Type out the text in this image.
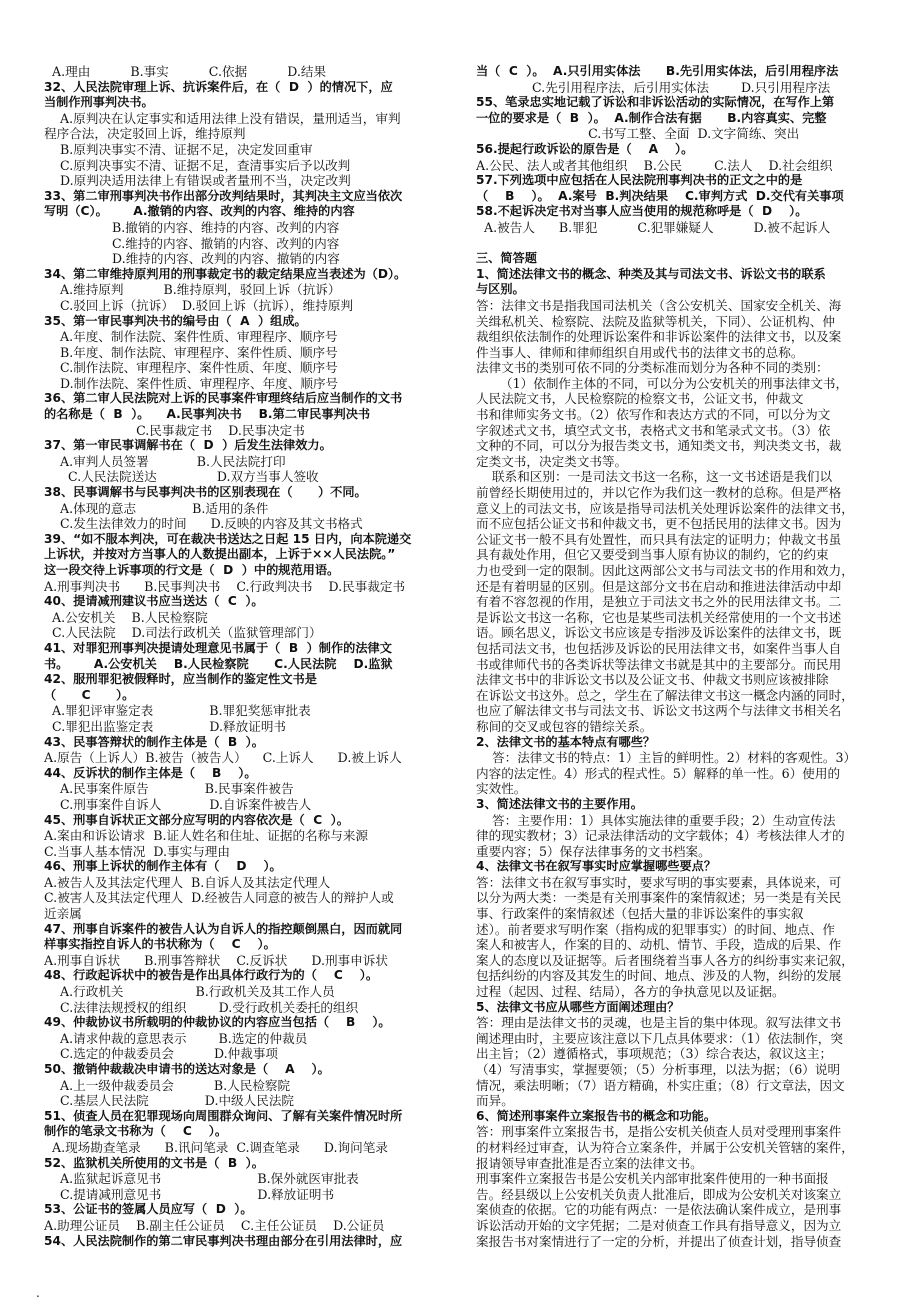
A.理由          B.事实          C.依据          D.结果
32、人民法院审理上诉、抗诉案件后，在（  D  ）的情况下，应
当制作刑事判决书。
A.原判决在认定事实和适用法律上没有错误，量刑适当，审判
程序合法，决定驳回上诉，维持原判
B.原判决事实不清、证据不足，决定发回重审
C.原判决事实不清、证据不足，查清事实后予以改判
D.原判决适用法律上有错误或者量刑不当，决定改判
33、第二审刑事判决书作出部分改判结果时，其判决主文应当依次
写明（C）。      A.撤销的内容、改判的内容、维持的内容
B.撤销的内容、维持的内容、改判的内容
C.维持的内容、撤销的内容、改判的内容
D.维持的内容、改判的内容、撤销的内容
34、第二审维持原判用的刑事裁定书的裁定结果应当表述为（D）。
A.维持原判          B.维持原判，驳回上诉（抗诉）
C.驳回上诉（抗诉）  D.驳回上诉（抗诉），维持原判
35、第一审民事判决书的编号由（  A  ）组成。
A.年度、制作法院、案件性质、审理程序、顺序号
B.年度、制作法院、审理程序、案件性质、顺序号
C.制作法院、审理程序、案件性质、年度、顺序号
D.制作法院、案件性质、审理程序、年度、顺序号
36、第二审人民法院对上诉的民事案件审理终结后应当制作的文书
的名称是（  B  ）。    A.民事判决书    B.第二审民事判决书
C.民事裁定书    D.民事决定书
37、第一审民事调解书在（  D  ）后发生法律效力。
A.审判人员签署            B.人民法院打印
C.人民法院送达               D.双方当事人签收
38、民事调解书与民事判决书的区别表现在（      ）不同。
A.体现的意志              B.适用的条件
C.发生法律效力的时间      D.反映的内容及其文书格式
39、“如不服本判决，可在裁决书送达之日起 15 日内，向本院递交
上诉状，并按对方当事人的人数提出副本，上诉于××人民法院。”
这一段交待上诉事项的行文是（  D  ）中的规范用语。
A.刑事判决书      B.民事判决书    C.行政判决书    D.民事裁定书
40、提请减刑建议书应当送达（  C  ）。
A.公安机关    B.人民检察院
C.人民法院    D.司法行政机关（监狱管理部门）
41、对罪犯刑事判决提请处理意见书属于（  B  ）制作的法律文
书。      A.公安机关    B.人民检察院      C.人民法院    D.监狱
42、服刑罪犯被假释时，应当制作的鉴定性文书是
（      C      ）。
A.罪犯评审鉴定表              B.罪犯奖惩审批表
C.罪犯出监鉴定表              D.释放证明书
43、民事答辩状的制作主体是（  B  ）。
A.原告（上诉人）B.被告（被告人）    C.上诉人      D.被上诉人
44、反诉状的制作主体是（    B    ）。
A.民事案件原告              B.民事案件被告
C.刑事案件自诉人            D.自诉案件被告人
45、刑事自诉状正文部分应写明的内容依次是（  C  ）。
A.案由和诉讼请求  B.证人姓名和住址、证据的名称与来源
C.当事人基本情况  D.事实与理由
46、刑事上诉状的制作主体有（    D    ）。
A.被告人及其法定代理人  B.自诉人及其法定代理人
C.被害人及其法定代理人  D.经被告人同意的被告人的辩护人或
近亲属
47、刑事自诉案件的被告人认为自诉人的指控颠倒黑白，因而就同
样事实指控自诉人的书状称为（    C    ）。
A.刑事自诉状      B.刑事答辩状    C.反诉状      D.刑事申诉状
48、行政起诉状中的被告是作出具体行政行为的（    C    ）。
A.行政机关                  B.行政机关及其工作人员
C.法律法规授权的组织        D.受行政机关委托的组织
49、仲裁协议书所载明的仲裁协议的内容应当包括（    B    ）。
A.请求仲裁的意思表示        B.选定的仲裁员
C.选定的仲裁委员会          D.仲裁事项
50、撤销仲裁裁决申请书的送达对象是（    A    ）。
A.上一级仲裁委员会          B.人民检察院
C.基层人民法院              D.中级人民法院
51、侦查人员在犯罪现场向周围群众询问、了解有关案件情况时所
制作的笔录文书称为（    C    ）。
A.现场勘查笔录      B.讯问笔录  C.调查笔录      D.询问笔录
52、监狱机关所使用的文书是（  B  ）。
A.监狱起诉意见书                        B.保外就医审批表
C.提请减刑意见书                        D.释放证明书
53、公证书的签属人员应写（  D  ）。
A.助理公证员    B.副主任公证员    C.主任公证员    D.公证员
54、人民法院制作的第二审民事判决书理由部分在引用法律时，应
当（  C  ）。  A.只引用实体法      B.先引用实体法，后引用程序法
C.先引用程序法，后引用实体法        D.只引用程序法
55、笔录忠实地记载了诉讼和非诉讼活动的实际情况，在写作上第
一位的要求是（  B  ）。  A.制作合法有据      B.内容真实、完整
C.书写工整、全面  D.文字简练、突出
56.提起行政诉讼的原告是（    A    ）。
A.公民、法人或者其他组织    B.公民        C.法人    D.社会组织
57.下列选项中应包括在人民法院刑事判决书的正文之中的是
（    B    ）。  A.案号  B.判决结果    C.审判方式  D.交代有关事项
58.不起诉决定书对当事人应当使用的规范称呼是（  D    ）。
A.被告人      B.罪犯          C.犯罪嫌疑人          D.被不起诉人
三、简答题
1、简述法律文书的概念、种类及其与司法文书、诉讼文书的联系
与区别。
答：法律文书是指我国司法机关（含公安机关、国家安全机关、海
关缉私机关、检察院、法院及监狱等机关，下同）、公证机构、仲
裁组织依法制作的处理诉讼案件和非诉讼案件的法律文书，以及案
件当事人、律师和律师组织自用或代书的法律文书的总称。
法律文书的类别可依不同的分类标准而划分为各种不同的类别：
（1）依制作主体的不同，可以分为公安机关的刑事法律文书，
人民法院文书，人民检察院的检察文书，公证文书，仲裁文
书和律师实务文书。（2）依写作和表达方式的不同，可以分为文
字叙述式文书，填空式文书，表格式文书和笔录式文书。（3）依
文种的不同，可以分为报告类文书，通知类文书，判决类文书，裁
定类文书，决定类文书等。
联系和区别：一是司法文书这一名称，这一文书述语是我们以
前曾经长期使用过的，并以它作为我们这一教材的总称。但是严格
意义上的司法文书，应该是指导司法机关处理诉讼案件的法律文书，
而不应包括公证文书和仲裁文书，更不包括民用的法律文书。因为
公证文书一般不具有处置性，而只具有法定的证明力；仲裁文书虽
具有裁处作用，但它又要受到当事人原有协议的制约，它的约束
力也受到一定的限制。因此这两部公文书与司法文书的作用和效力，
还是有着明显的区别。但是这部分文书在启动和推进法律活动中却
有着不容忽视的作用，是独立于司法文书之外的民用法律文书。二
是诉讼文书这一名称，它也是某些司法机关经常使用的一个文书述
语。顾名思义，诉讼文书应该是专指涉及诉讼案件的法律文书，既
包括司法文书，也包括涉及诉讼的民用法律文书，如案件当事人自
书或律师代书的各类诉状等法律文书就是其中的主要部分。而民用
法律文书中的非诉讼文书以及公证文书、仲裁文书则应该被排除
在诉讼文书这外。总之，学生在了解法律文书这一概念内涵的同时，
也应了解法律文书与司法文书、诉讼文书这两个与法律文书相关名
称间的交叉或包容的错综关系。
2、法律文书的基本特点有哪些？
答：法律文书的特点：1）主旨的鲜明性。2）材料的客观性。3）
内容的法定性。4）形式的程式性。5）解释的单一性。6）使用的
实效性。
3、简述法律文书的主要作用。
答：主要作用：1）具体实施法律的重要手段；2）生动宣传法
律的现实教材；3）记录法律活动的文字载体；4）考核法律人才的
重要内容；5）保存法律事务的文书档案。
4、法律文书在叙写事实时应掌握哪些要点？
答：法律文书在叙写事实时，要求写明的事实要素，具体说来，可
以分为两大类：一类是有关刑事案件的案情叙述；另一类是有关民
事、行政案件的案情叙述（包括大量的非诉讼案件的事实叙
述）。前者要求写明作案（指构成的犯罪事实）的时间、地点、作
案人和被害人，作案的目的、动机、情节、手段，造成的后果、作
案人的态度以及证据等。后者围绕着当事人各方的纠纷事实来记叙，
包括纠纷的内容及其发生的时间、地点、涉及的人物，纠纷的发展
过程（起因、过程、结局），各方的争执意见以及证据。
5、法律文书应从哪些方面阐述理由？
答：理由是法律文书的灵魂，也是主旨的集中体现。叙写法律文书
阐述理由时，主要应该注意以下几点具体要求：（1）依法制作，突
出主旨；（2）遵循格式，事项规范；（3）综合表达，叙议这主；
（4）写清事实，掌握要领；（5）分析事理，以法为据；（6）说明
情况，乘法明晰；（7）语方精确，朴实庄重；（8）行文章法，因文
而异。
6、简述刑事案件立案报告书的概念和功能。
答：刑事案件立案报告书，是指公安机关侦查人员对受理刑事案件
的材料经过审查，认为符合立案条件，并属于公安机关管辖的案件，
报请领导审查批准是否立案的法律文书。
刑事案件立案报告书是公安机关内部审批案件使用的一种书面报
告。经县级以上公安机关负责人批准后，即成为公安机关对该案立
案侦查的依据。它的功能有两点：一是依法确认案件成立，是刑事
诉讼活动开始的文字凭据；二是对侦查工作具有指导意义，因为立
案报告书对案情进行了一定的分析，并提出了侦查计划，指导侦查
.
